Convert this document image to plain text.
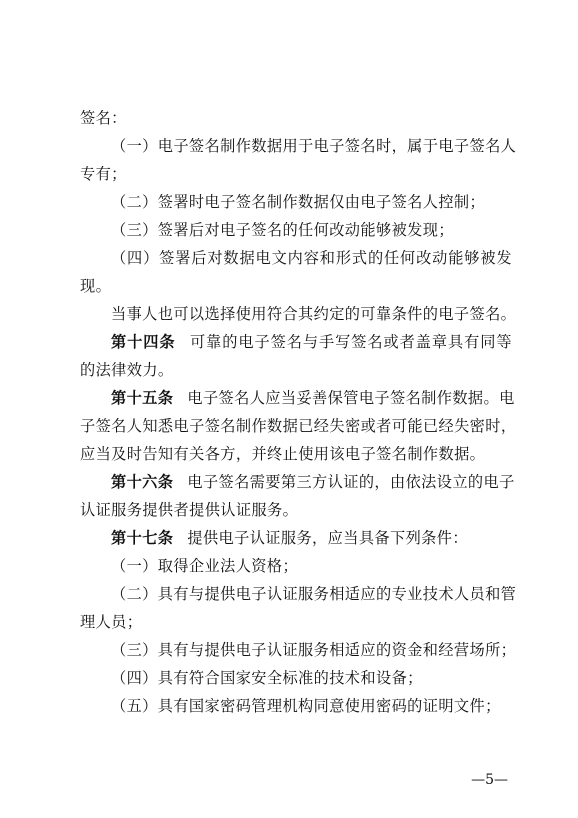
签名：
（一）电子签名制作数据用于电子签名时，属于电子签名人
专有；
（二）签署时电子签名制作数据仅由电子签名人控制；
（三）签署后对电子签名的任何改动能够被发现；
（四）签署后对数据电文内容和形式的任何改动能够被发
现。
当事人也可以选择使用符合其约定的可靠条件的电子签名。
第十四条 可靠的电子签名与手写签名或者盖章具有同等
的法律效力。
第十五条 电子签名人应当妥善保管电子签名制作数据。电
子签名人知悉电子签名制作数据已经失密或者可能已经失密时，
应当及时告知有关各方，并终止使用该电子签名制作数据。
第十六条 电子签名需要第三方认证的，由依法设立的电子
认证服务提供者提供认证服务。
第十七条 提供电子认证服务，应当具备下列条件：
（一）取得企业法人资格；
（二）具有与提供电子认证服务相适应的专业技术人员和管
理人员；
（三）具有与提供电子认证服务相适应的资金和经营场所；
（四）具有符合国家安全标准的技术和设备；
（五）具有国家密码管理机构同意使用密码的证明文件；
—5—
